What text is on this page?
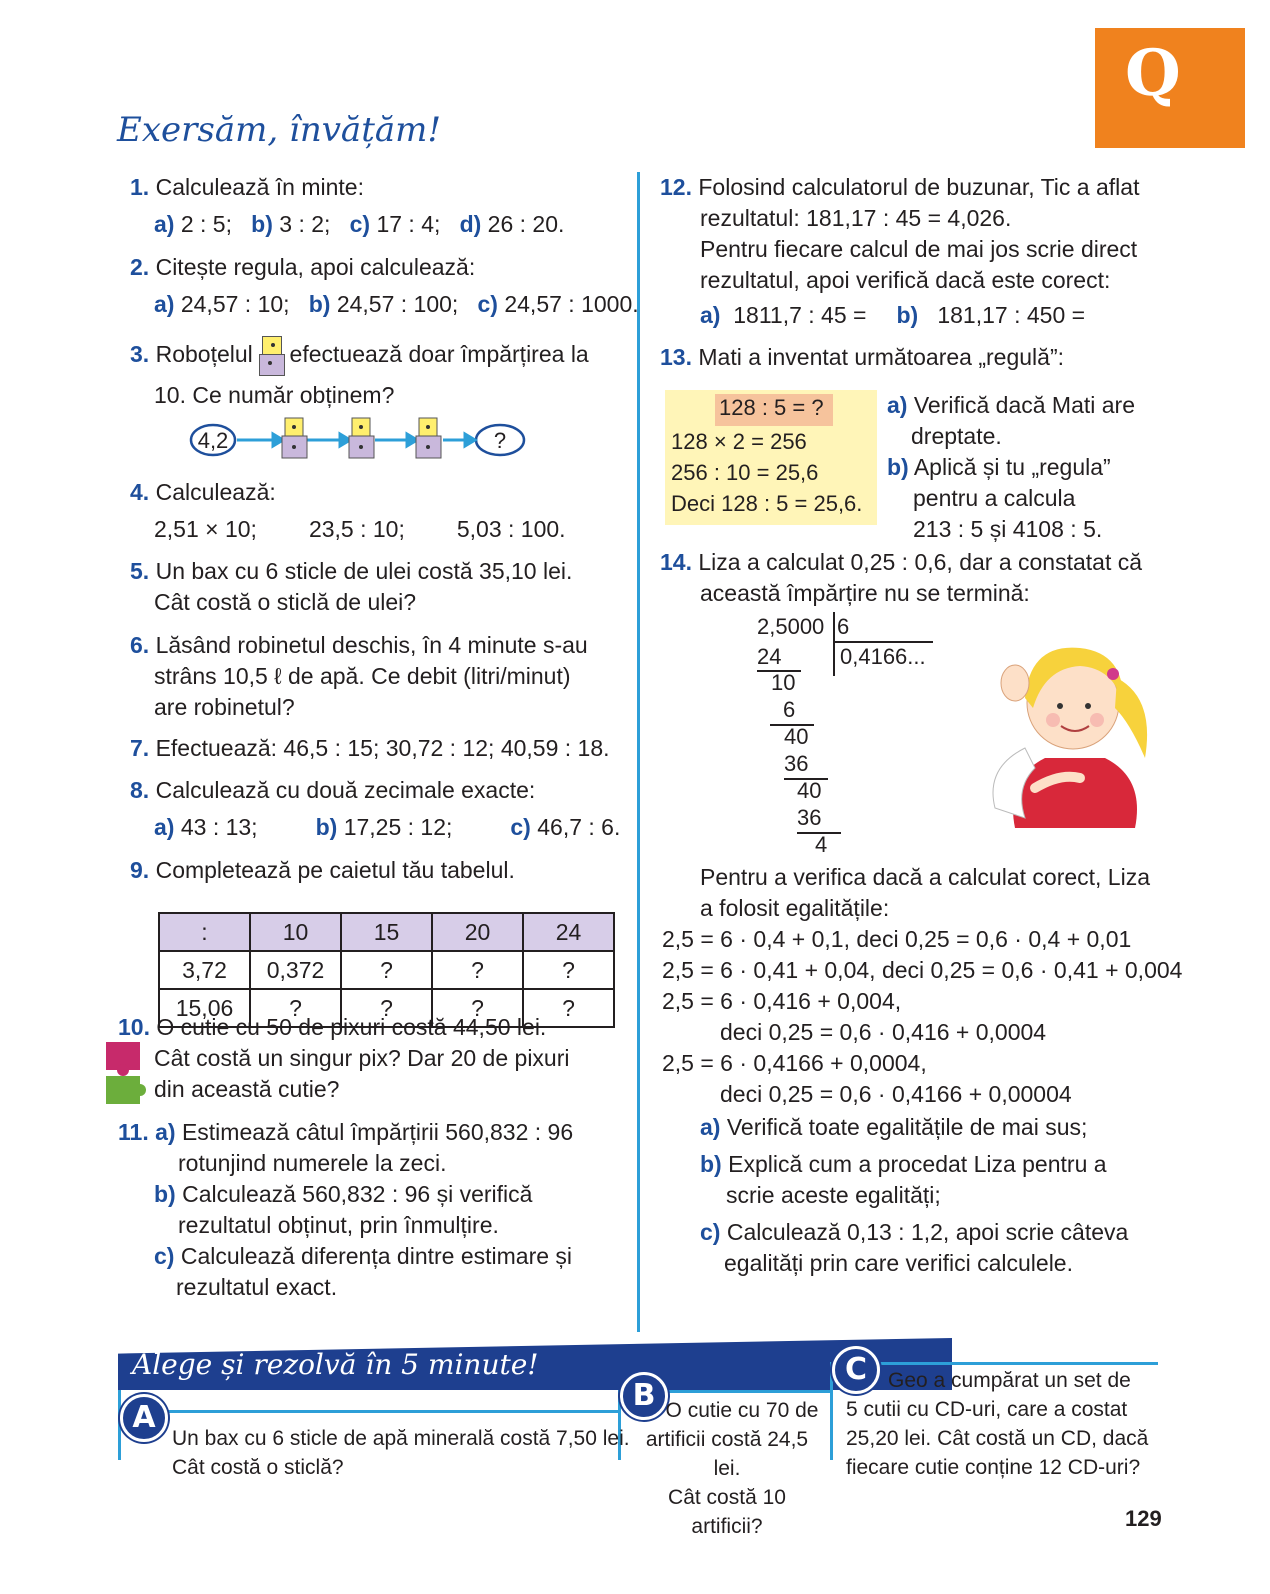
Q
Exersăm, învățăm!
1. Calculează în minte:
a) 2 : 5; b) 3 : 2; c) 17 : 4; d) 26 : 20.
2. Citește regula, apoi calculează:
a) 24,57 : 10; b) 24,57 : 100; c) 24,57 : 1000.
3. Roboțelul efectuează doar împărțirea la
10. Ce număr obținem?
4,2	?
4. Calculează:
2,51 × 10; 23,5 : 10; 5,03 : 100.
5. Un bax cu 6 sticle de ulei costă 35,10 lei.
Cât costă o sticlă de ulei?
6. Lăsând robinetul deschis, în 4 minute s-au
strâns 10,5 ℓ de apă. Ce debit (litri/minut)
are robinetul?
7. Efectuează: 46,5 : 15; 30,72 : 12; 40,59 : 18.
8. Calculează cu două zecimale exacte:
a) 43 : 13;	b) 17,25 : 12;	c) 46,7 : 6.
9. Completează pe caietul tău tabelul.
:	10	15	20	24
3,72	0,372	?	?	?
15,06	?	?	?	?
10. O cutie cu 50 de pixuri costă 44,50 lei.
Cât costă un singur pix? Dar 20 de pixuri
din această cutie?
11. a) Estimează câtul împărțirii 560,832 : 96
rotunjind numerele la zeci.
b) Calculează 560,832 : 96 și verifică
rezultatul obținut, prin înmulțire.
c) Calculează diferența dintre estimare și
rezultatul exact.
12. Folosind calculatorul de buzunar, Tic a aflat
rezultatul: 181,17 : 45 = 4,026.
Pentru fiecare calcul de mai jos scrie direct
rezultatul, apoi verifică dacă este corect:
a) 1811,7 : 45 = b) 181,17 : 450 =
13. Mati a inventat următoarea „regulă”:
128 : 5 = ?
128 × 2 = 256
256 : 10 = 25,6
Deci 128 : 5 = 25,6.
a) Verifică dacă Mati are
dreptate.
b) Aplică și tu „regula”
pentru a calcula
213 : 5 și 4108 : 5.
14. Liza a calculat 0,25 : 0,6, dar a constatat că
această împărțire nu se termină:
2,5000 6
0,4166...
24
10
6
40
36
40
36
4
Pentru a verifica dacă a calculat corect, Liza
a folosit egalitățile:
2,5 = 6 · 0,4 + 0,1, deci 0,25 = 0,6 · 0,4 + 0,01
2,5 = 6 · 0,41 + 0,04, deci 0,25 = 0,6 · 0,41 + 0,004
2,5 = 6 · 0,416 + 0,004,
deci 0,25 = 0,6 · 0,416 + 0,0004
2,5 = 6 · 0,4166 + 0,0004,
deci 0,25 = 0,6 · 0,4166 + 0,00004
a) Verifică toate egalitățile de mai sus;
b) Explică cum a procedat Liza pentru a
scrie aceste egalități;
c) Calculează 0,13 : 1,2, apoi scrie câteva
egalități prin care verifici calculele.
Alege și rezolvă în 5 minute!
A
B
C
Un bax cu 6 sticle de apă minerală costă 7,50 lei.
Cât costă o sticlă?
O cutie cu 70 de
artificii costă 24,5 lei.
Cât costă 10 artificii?
Geo a cumpărat un set de
5 cutii cu CD-uri, care a costat
25,20 lei. Cât costă un CD, dacă
fiecare cutie conține 12 CD-uri?
129
